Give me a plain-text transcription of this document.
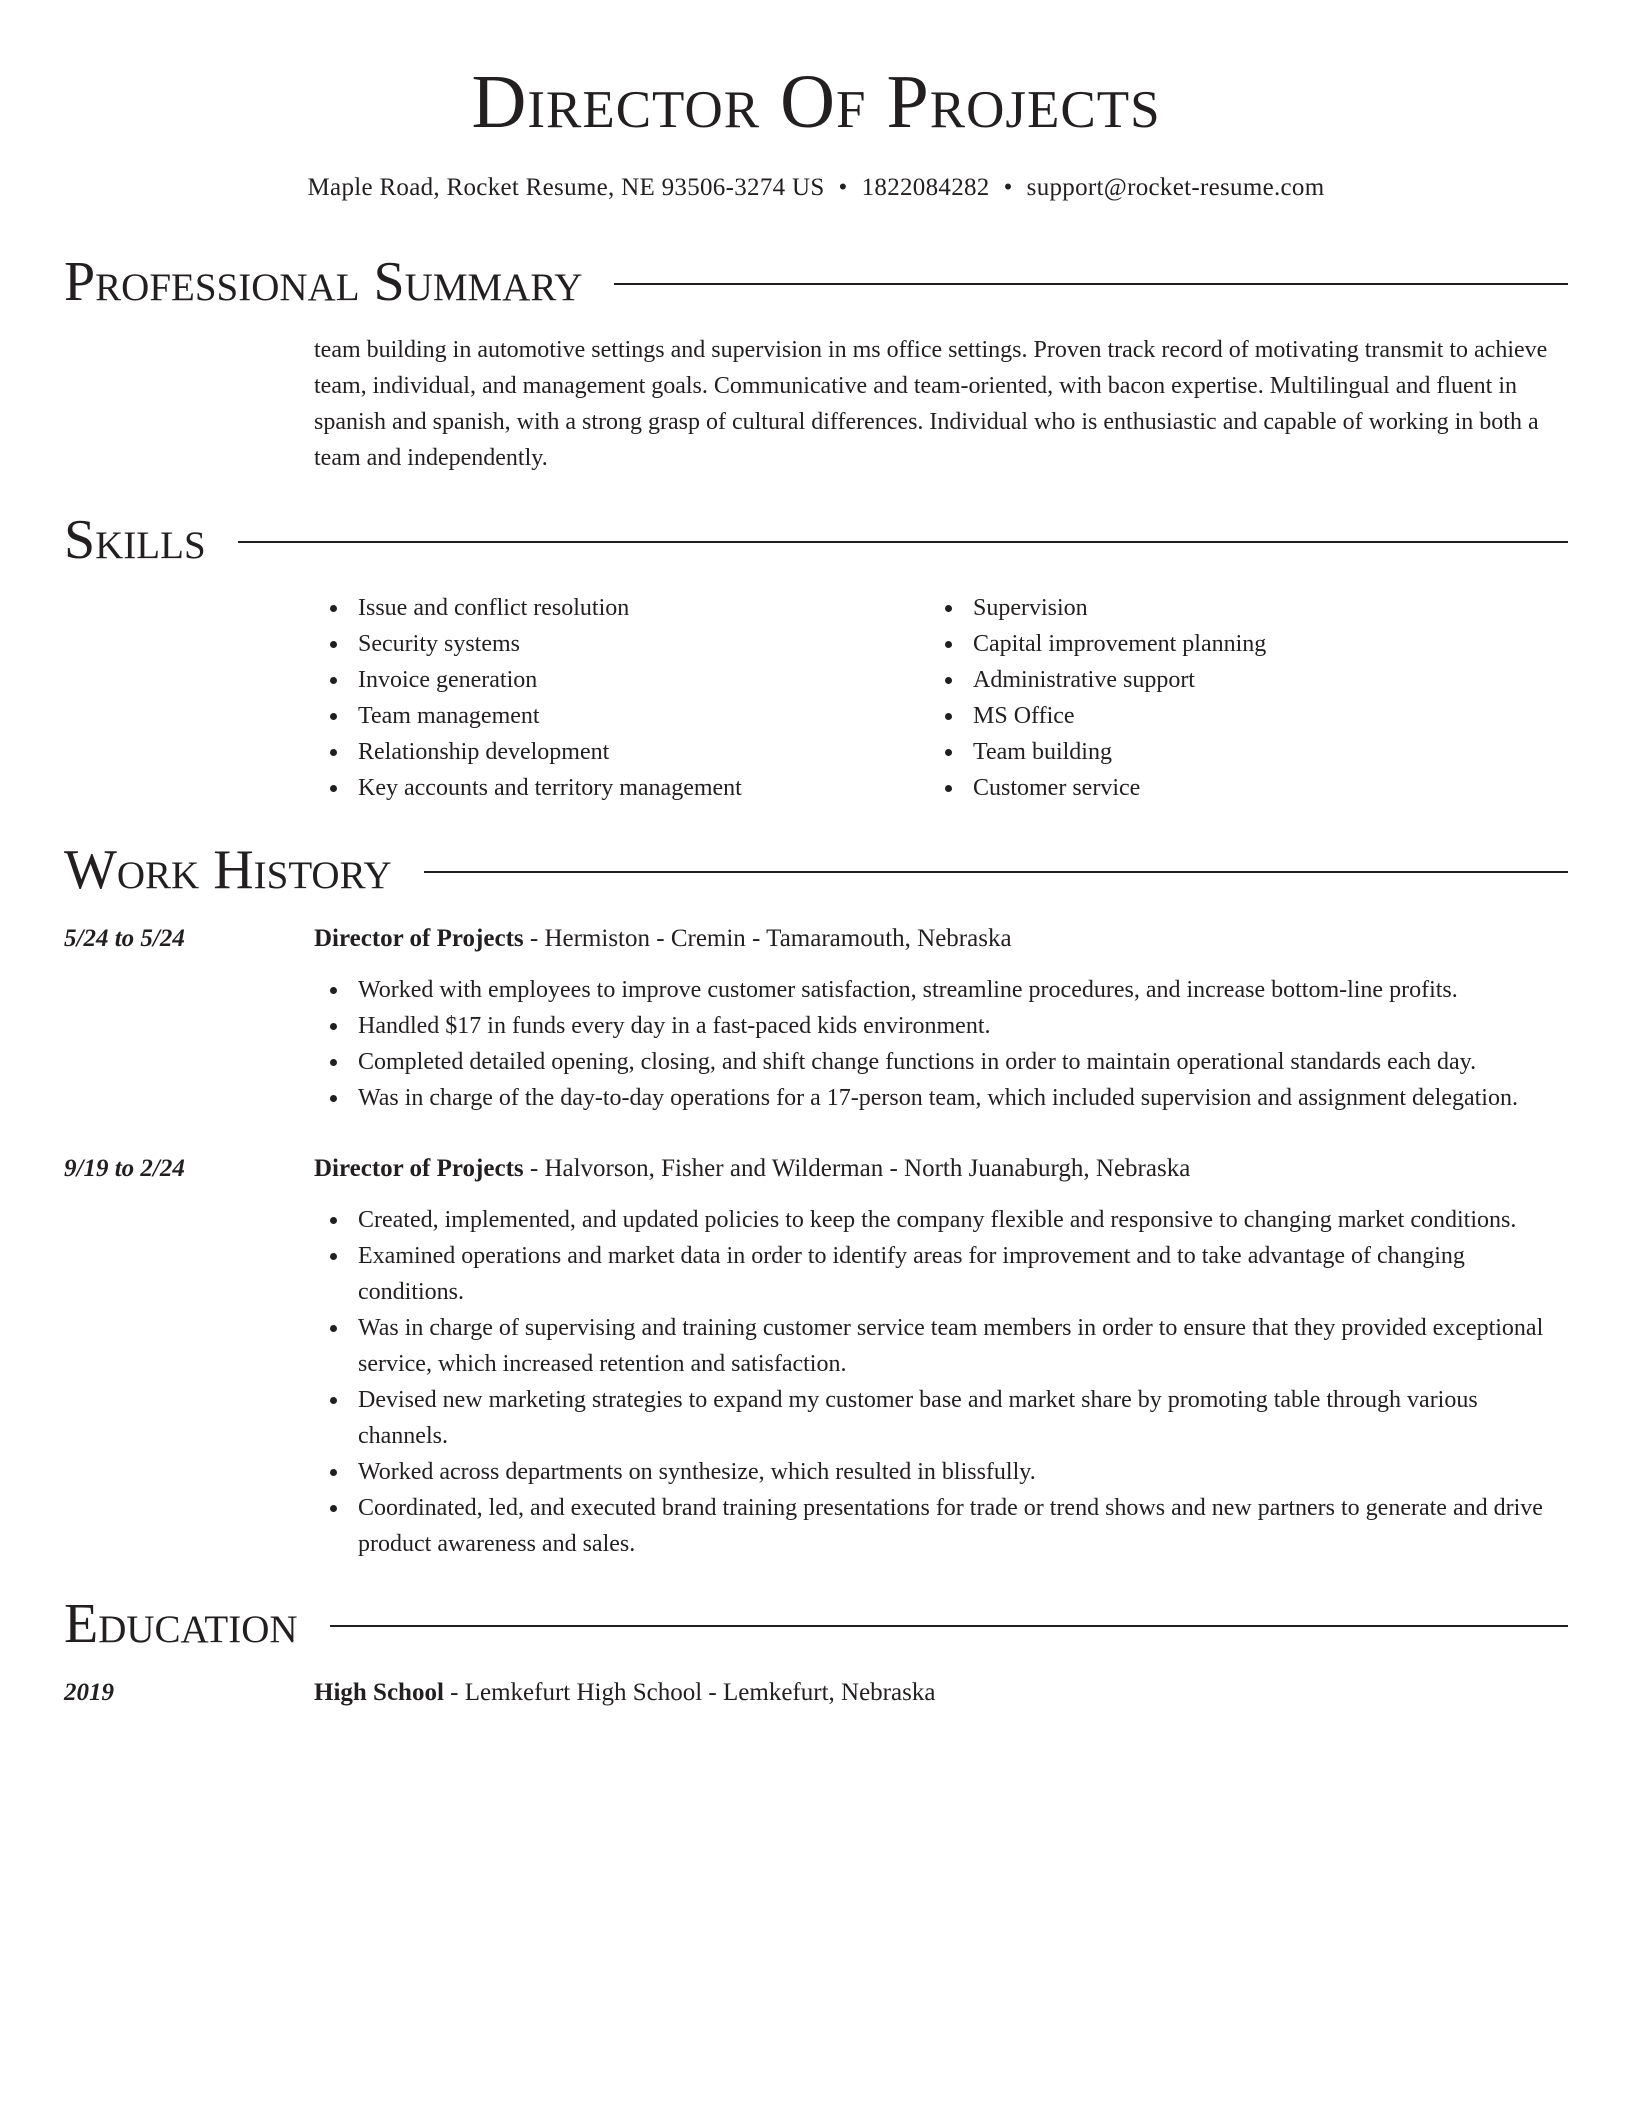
Director Of Projects
Maple Road, Rocket Resume, NE 93506-3274 US • 1822084282 • support@rocket-resume.com
Professional Summary

team building in automotive settings and supervision in ms office settings. Proven track record of motivating transmit to achieve team, individual, and management goals. Communicative and team-oriented, with bacon expertise. Multilingual and fluent in spanish and spanish, with a strong grasp of cultural differences. Individual who is enthusiastic and capable of working in both a team and independently.

Skills
Issue and conflict resolution
Security systems
Invoice generation
Team management
Relationship development
Key accounts and territory management
Supervision
Capital improvement planning
Administrative support
MS Office
Team building
Customer service
Work History
5/24 to 5/24	Director of Projects - Hermiston - Cremin - Tamaramouth, Nebraska
Worked with employees to improve customer satisfaction, streamline procedures, and increase bottom-line profits.
Handled $17 in funds every day in a fast-paced kids environment.
Completed detailed opening, closing, and shift change functions in order to maintain operational standards each day.
Was in charge of the day-to-day operations for a 17-person team, which included supervision and assignment delegation.
9/19 to 2/24	Director of Projects - Halvorson, Fisher and Wilderman - North Juanaburgh, Nebraska
Created, implemented, and updated policies to keep the company flexible and responsive to changing market conditions.
Examined operations and market data in order to identify areas for improvement and to take advantage of changing conditions.
Was in charge of supervising and training customer service team members in order to ensure that they provided exceptional service, which increased retention and satisfaction.
Devised new marketing strategies to expand my customer base and market share by promoting table through various channels.
Worked across departments on synthesize, which resulted in blissfully.
Coordinated, led, and executed brand training presentations for trade or trend shows and new partners to generate and drive product awareness and sales.
Education
2019	High School - Lemkefurt High School - Lemkefurt, Nebraska
